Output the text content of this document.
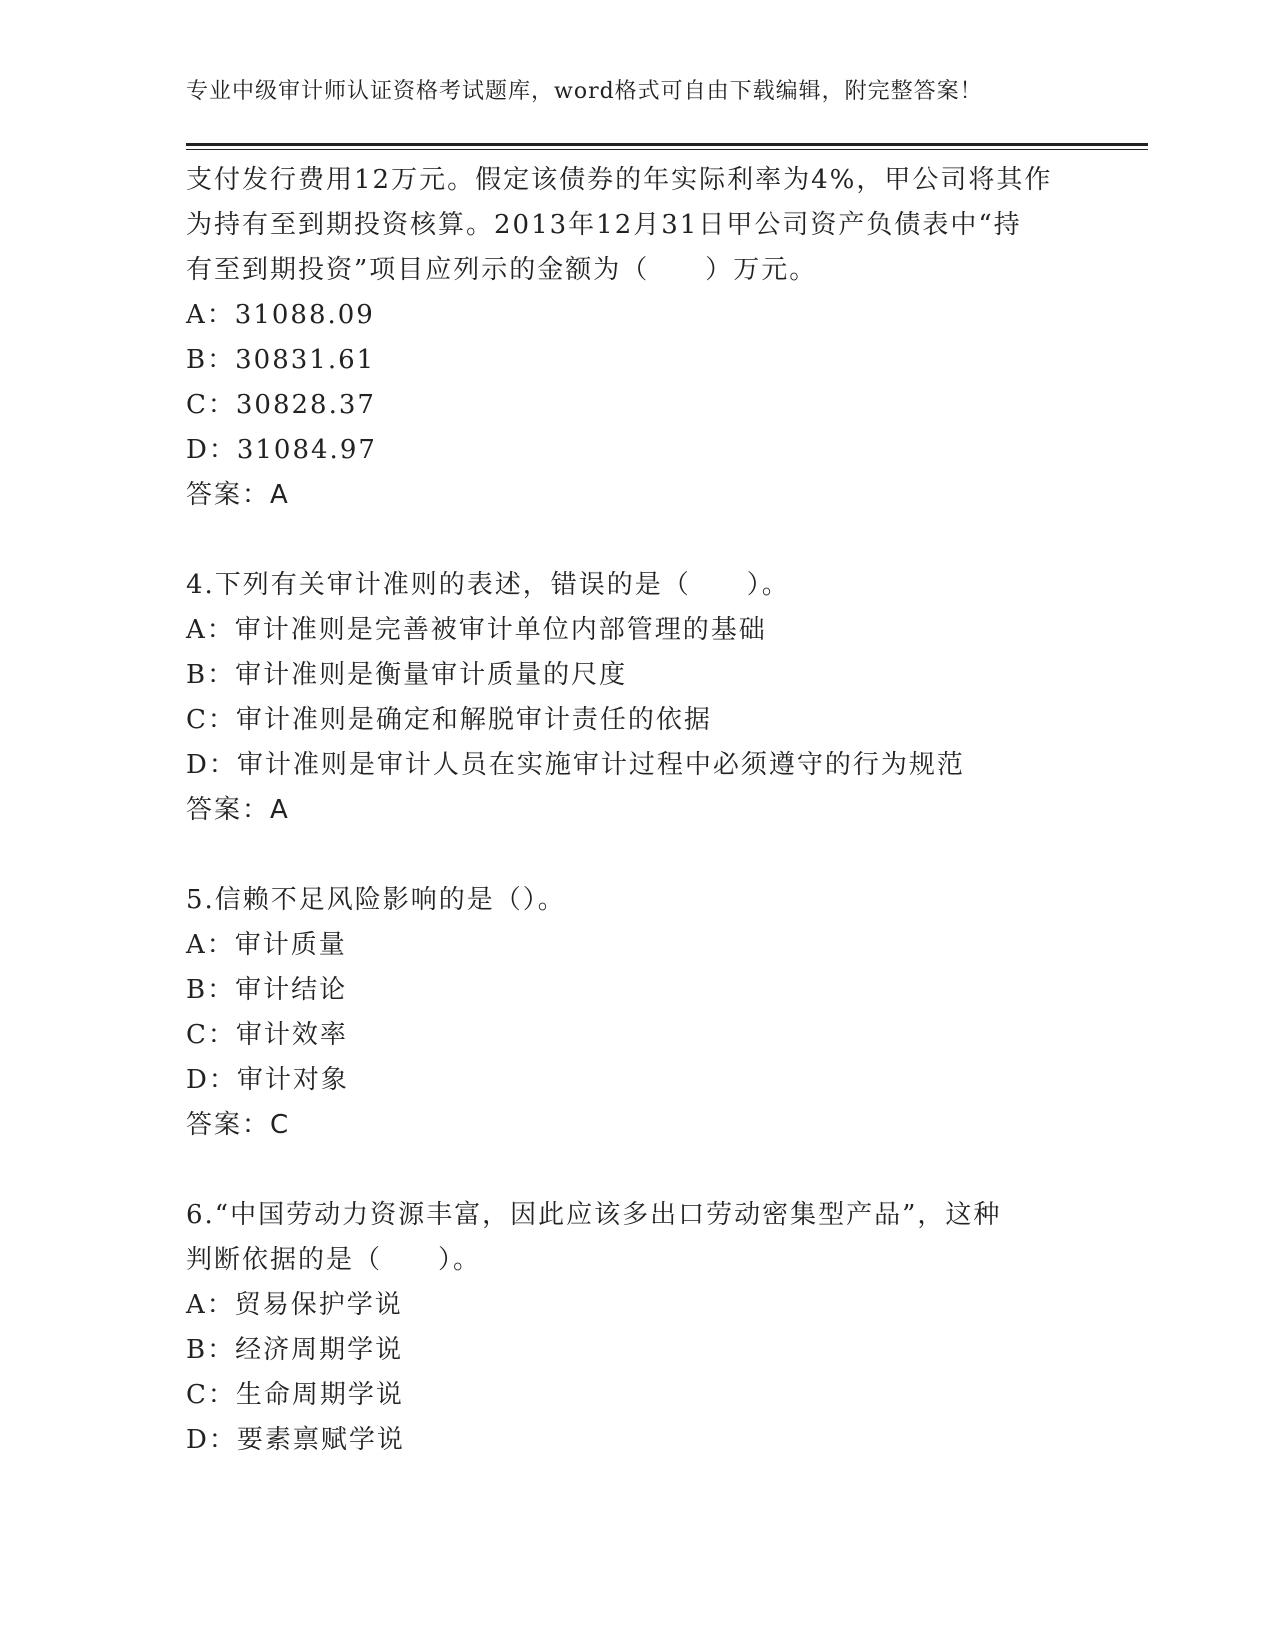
专业中级审计师认证资格考试题库，word格式可自由下载编辑，附完整答案！
支付发行费用12万元。假定该债券的年实际利率为4%，甲公司将其作
为持有至到期投资核算。2013年12月31日甲公司资产负债表中“持
有至到期投资”项目应列示的金额为（　　）万元。
A：31088.09
B：30831.61
C：30828.37
D：31084.97
答案：A
4.下列有关审计准则的表述，错误的是（　　）。
A：审计准则是完善被审计单位内部管理的基础
B：审计准则是衡量审计质量的尺度
C：审计准则是确定和解脱审计责任的依据
D：审计准则是审计人员在实施审计过程中必须遵守的行为规范
答案：A
5.信赖不足风险影响的是（）。
A：审计质量
B：审计结论
C：审计效率
D：审计对象
答案：C
6.“中国劳动力资源丰富，因此应该多出口劳动密集型产品”，这种
判断依据的是（　　）。
A：贸易保护学说
B：经济周期学说
C：生命周期学说
D：要素禀赋学说
